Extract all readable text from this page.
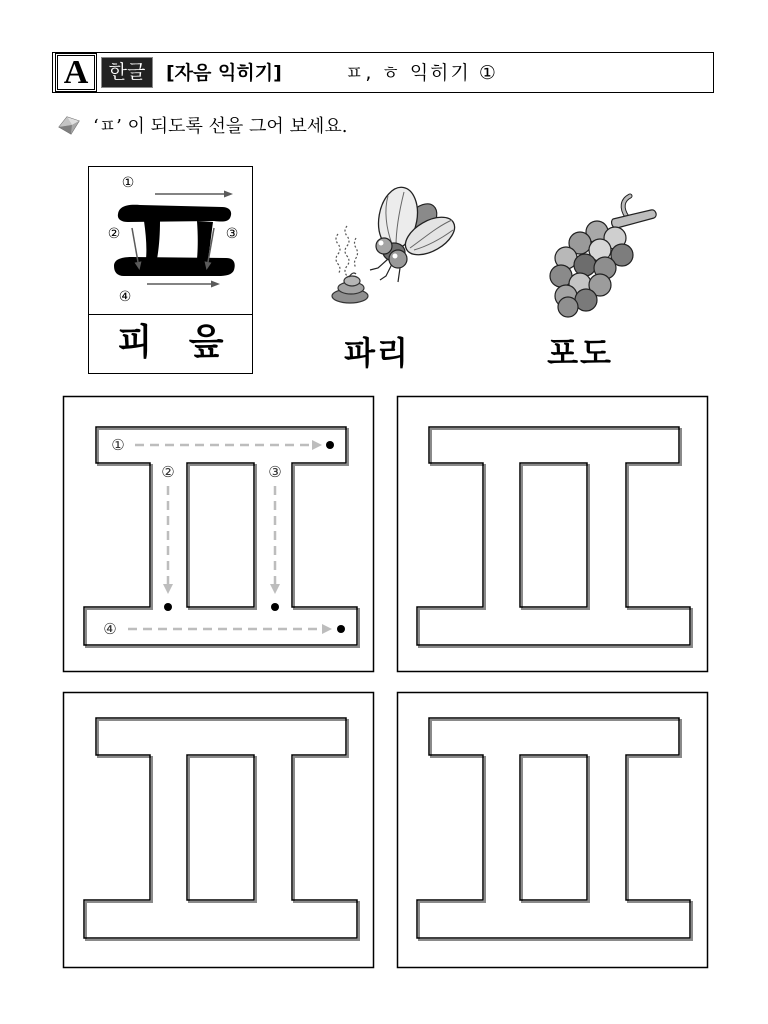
A	한글	[자음 익히기]	ㅍ, ㅎ 익히기 ①
‘ㅍ’ 이 되도록 선을 그어 보세요.
①
②	③
④
피 읖	파리	포도
①
②	③
④
